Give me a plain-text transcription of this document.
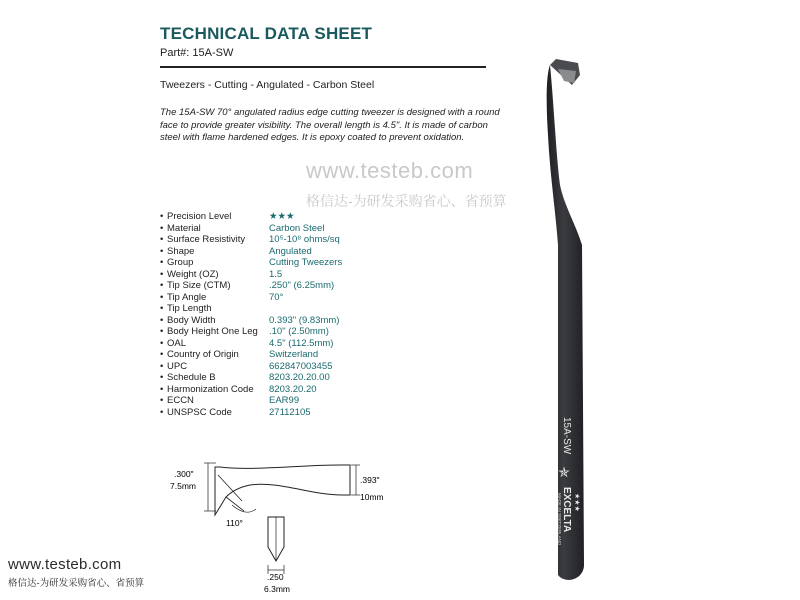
TECHNICAL DATA SHEET
Part#: 15A-SW
Tweezers - Cutting - Angulated - Carbon Steel
The 15A-SW 70° angulated radius edge cutting tweezer is designed with a round face to provide greater visibility. The overall length is 4.5". It is made of carbon steel with flame hardened edges. It is epoxy coated to prevent oxidation.
www.testeb.com
格信达-为研发采购省心、省预算
• Precision Level	★★★
• Material	Carbon Steel
• Surface Resistivity	10⁵-10⁸ ohms/sq
• Shape	Angulated
• Group	Cutting Tweezers
• Weight (OZ)	1.5
• Tip Size (CTM)	.250" (6.25mm)
• Tip Angle	70°
• Tip Length
• Body Width	0.393" (9.83mm)
• Body Height One Leg	.10" (2.50mm)
• OAL	4.5" (112.5mm)
• Country of Origin	Switzerland
• UPC	662847003455
• Schedule B	8203.20.20.00
• Harmonization Code	8203.20.20
• ECCN	EAR99
• UNSPSC Code	27112105
.300"
7.5mm
.393"
10mm
110°
.250
6.3mm
15A-SW
✯
EXCELTA ★★★
MADE IN SWITZERLAND
www.testeb.com
格信达-为研发采购省心、省预算
